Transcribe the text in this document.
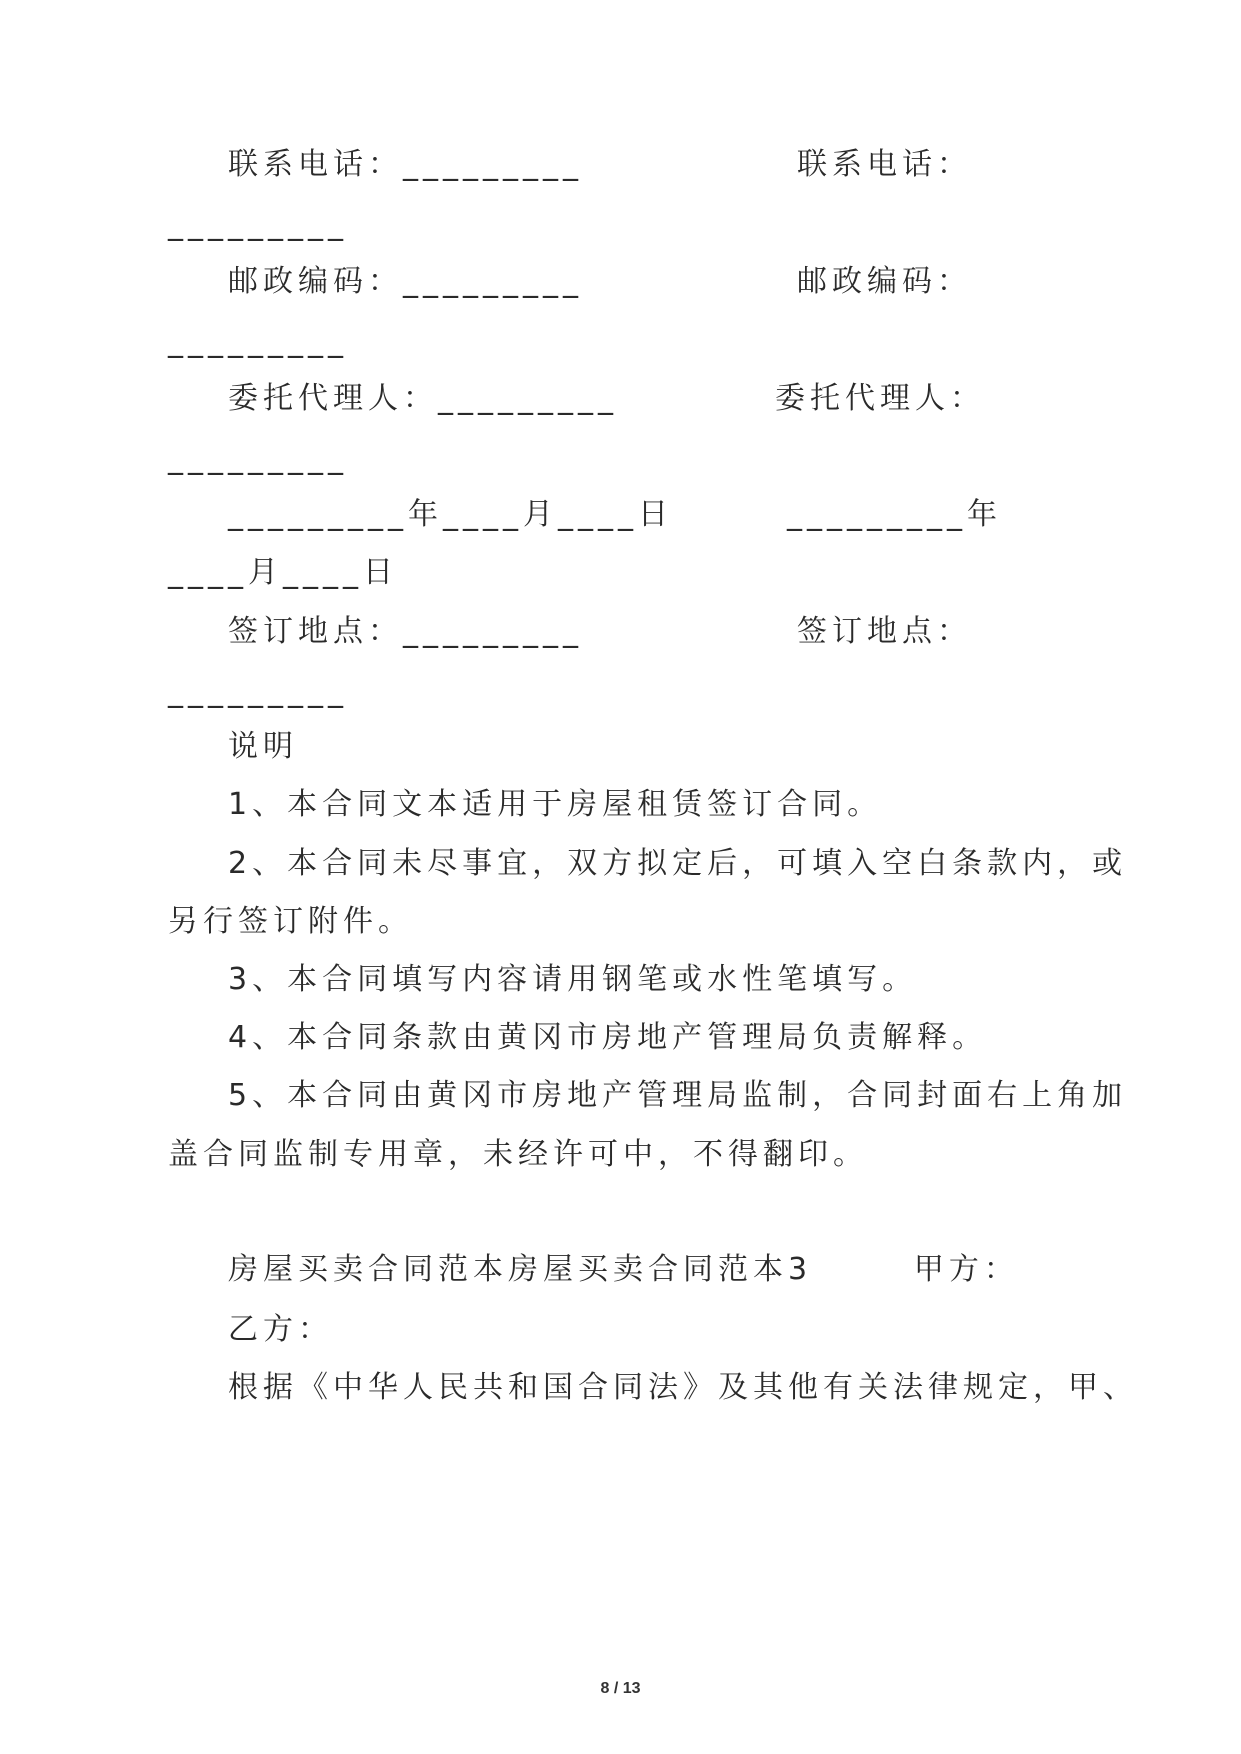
联系电话：_________	联系电话：
_________
邮政编码：_________	邮政编码：
_________
委托代理人：_________	委托代理人：
_________
_________年____月____日	_________年
____月____日
签订地点：_________	签订地点：
_________
说明
1、本合同文本适用于房屋租赁签订合同。
2、本合同未尽事宜，双方拟定后，可填入空白条款内，或
另行签订附件。
3、本合同填写内容请用钢笔或水性笔填写。
4、本合同条款由黄冈市房地产管理局负责解释。
5、本合同由黄冈市房地产管理局监制，合同封面右上角加
盖合同监制专用章，未经许可中，不得翻印。
房屋买卖合同范本房屋买卖合同范本3       甲方：
乙方：
根据《中华人民共和国合同法》及其他有关法律规定，甲、
8 / 13
